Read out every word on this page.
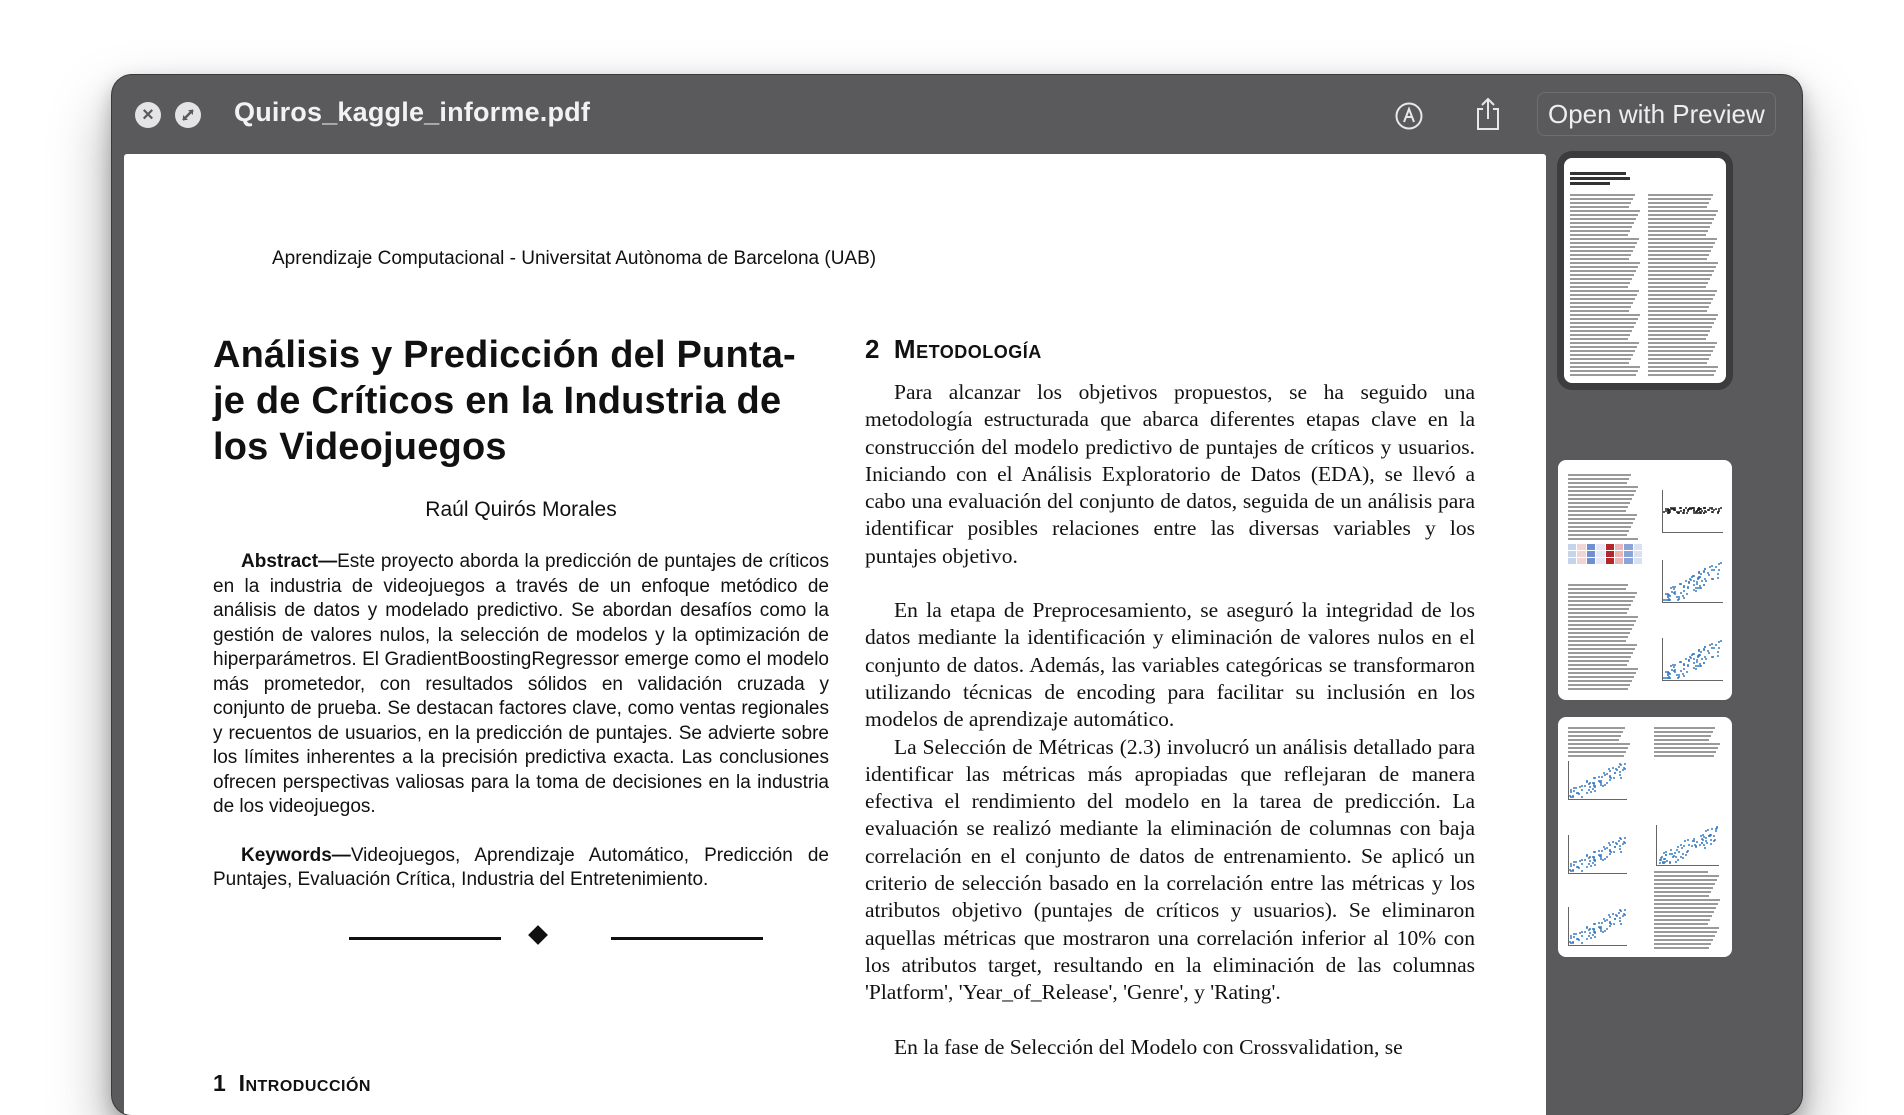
×	Quiros_kaggle_informe.pdf	Open with Preview
Aprendizaje Computacional - Universitat Autònoma de Barcelona (UAB)
Análisis y Predicción del Punta-
je de Críticos en la Industria de
los Videojuegos
Raúl Quirós Morales
Abstract—Este proyecto aborda la predicción de puntajes de críticos en la industria de videojuegos a través de un enfoque metódico de análisis de datos y modelado predictivo. Se abordan desafíos como la gestión de valores nulos, la selección de modelos y la optimización de hiperparámetros. El GradientBoostingRegressor emerge como el modelo más prometedor, con resultados sólidos en validación cruzada y conjunto de prueba. Se destacan factores clave, como ventas regionales y recuentos de usuarios, en la predicción de puntajes. Se advierte sobre los límites inherentes a la precisión predictiva exacta. Las conclusiones ofrecen perspectivas valiosas para la toma de decisiones en la industria de los videojuegos.
Keywords—Videojuegos, Aprendizaje Automático, Predicción de Puntajes, Evaluación Crítica, Industria del Entretenimiento.
1 Introducción
2 Metodología

Para alcanzar los objetivos propuestos, se ha seguido una metodología estructurada que abarca diferentes etapas clave en la construcción del modelo predictivo de puntajes de críticos y usuarios. Iniciando con el Análisis Exploratorio de Datos (EDA), se llevó a cabo una evaluación del conjunto de datos, seguida de un análisis para identificar posibles relaciones entre las diversas variables y los puntajes objetivo.

En la etapa de Preprocesamiento, se aseguró la integridad de los datos mediante la identificación y eliminación de valores nulos en el conjunto de datos. Además, las variables categóricas se transformaron utilizando técnicas de encoding para facilitar su inclusión en los modelos de aprendizaje automático.

La Selección de Métricas (2.3) involucró un análisis detallado para identificar las métricas más apropiadas que reflejaran de manera efectiva el rendimiento del modelo en la tarea de predicción. La evaluación se realizó mediante la eliminación de columnas con baja correlación en el conjunto de datos de entrenamiento. Se aplicó un criterio de selección basado en la correlación entre las métricas y los atributos objetivo (puntajes de críticos y usuarios). Se eliminaron aquellas métricas que mostraron una correlación inferior al 10% con los atributos target, resultando en la eliminación de las columnas 'Platform', 'Year_of_Release', 'Genre', y 'Rating'.

En la fase de Selección del Modelo con Crossvalidation, se
